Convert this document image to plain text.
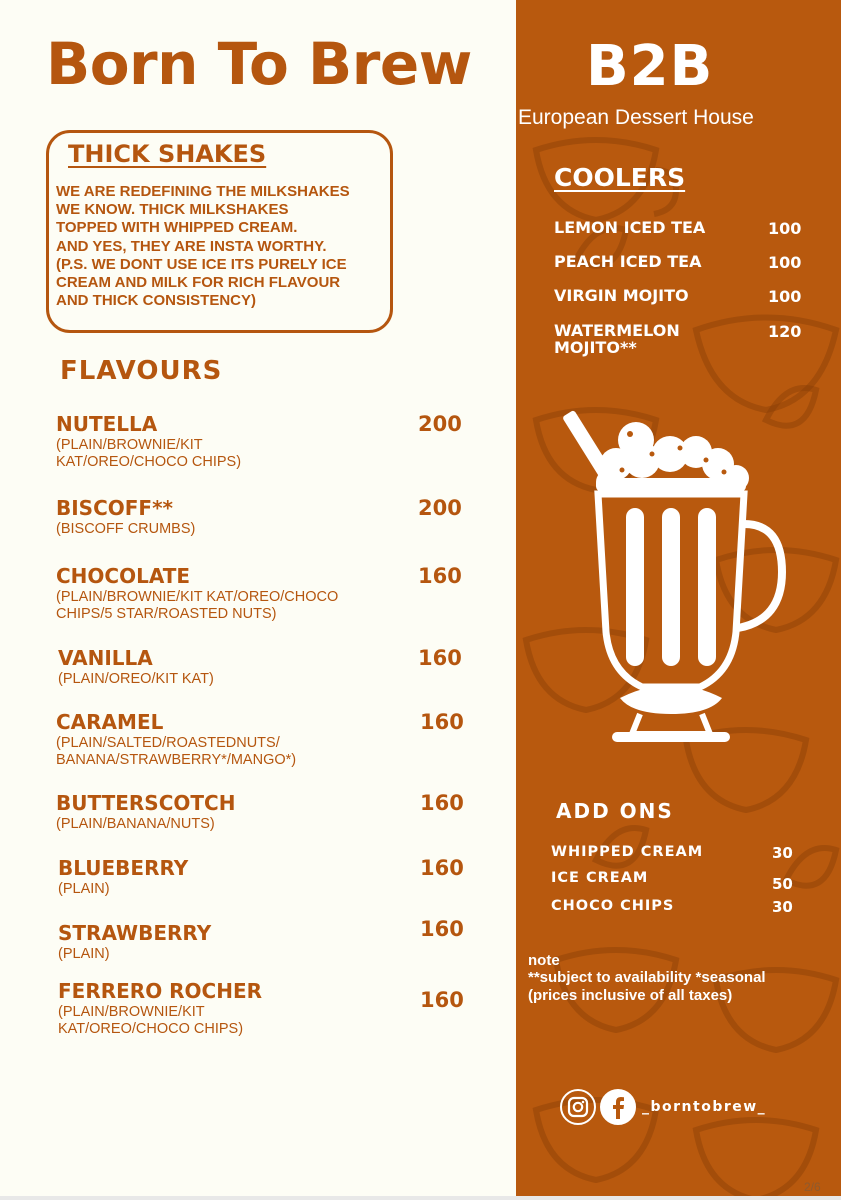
Born To Brew
THICK SHAKES
WE ARE REDEFINING THE MILKSHAKES
WE KNOW. THICK MILKSHAKES
TOPPED WITH WHIPPED CREAM.
AND YES, THEY ARE INSTA WORTHY.
(P.S. WE DONT USE ICE ITS PURELY ICE
CREAM AND MILK FOR RICH FLAVOUR
AND THICK CONSISTENCY)
FLAVOURS
NUTELLA
(PLAIN/BROWNIE/KIT
KAT/OREO/CHOCO CHIPS)
200
BISCOFF**
(BISCOFF CRUMBS)
200
CHOCOLATE
(PLAIN/BROWNIE/KIT KAT/OREO/CHOCO
CHIPS/5 STAR/ROASTED NUTS)
160
VANILLA
(PLAIN/OREO/KIT KAT)
160
CARAMEL
(PLAIN/SALTED/ROASTEDNUTS/
BANANA/STRAWBERRY*/MANGO*)
160
BUTTERSCOTCH
(PLAIN/BANANA/NUTS)
160
BLUEBERRY
(PLAIN)
160
STRAWBERRY
(PLAIN)
160
FERRERO ROCHER
(PLAIN/BROWNIE/KIT
KAT/OREO/CHOCO CHIPS)
160
B2B
European Dessert House
COOLERS
LEMON ICED TEA	100
PEACH ICED TEA	100
VIRGIN MOJITO	100
WATERMELON
MOJITO**
120
ADD ONS
WHIPPED CREAM	30
ICE CREAM	50
CHOCO CHIPS	30
note
**subject to availability *seasonal
(prices inclusive of all taxes)
_borntobrew_
2/6
